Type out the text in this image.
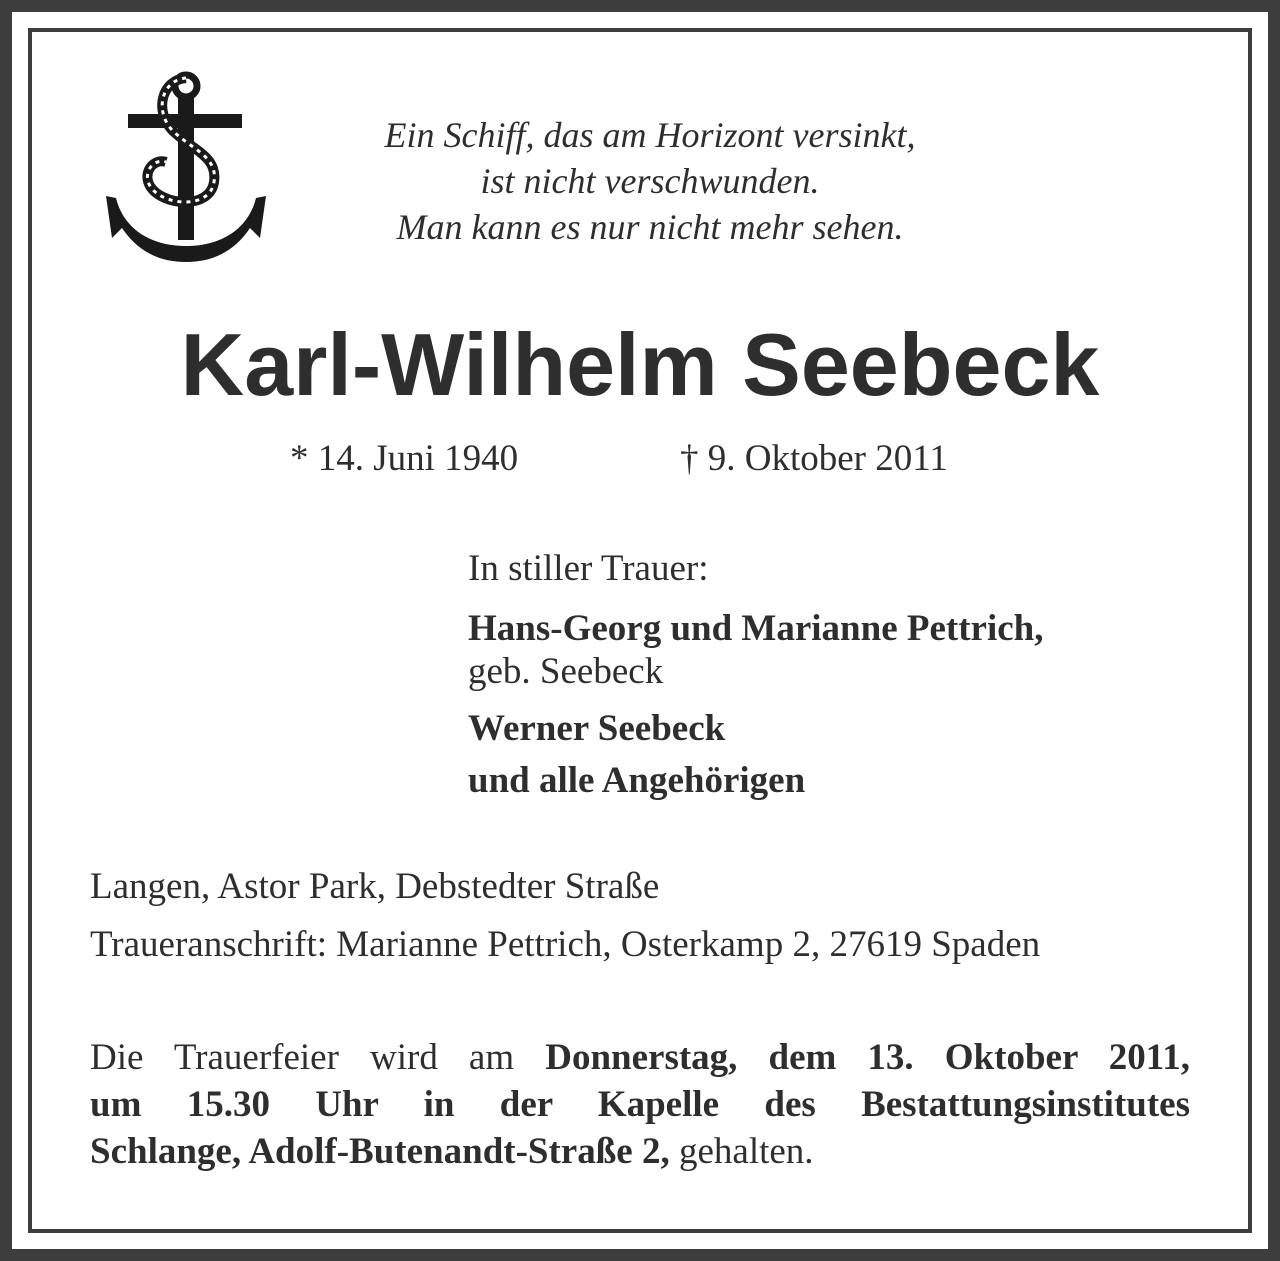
Ein Schiff, das am Horizont versinkt,
ist nicht verschwunden.
Man kann es nur nicht mehr sehen.
Karl-Wilhelm Seebeck
* 14. Juni 1940	† 9. Oktober 2011
In stiller Trauer:
Hans-Georg und Marianne Pettrich,
geb. Seebeck
Werner Seebeck
und alle Angehörigen
Langen, Astor Park, Debstedter Straße
Traueranschrift: Marianne Pettrich, Osterkamp 2, 27619 Spaden
Die Trauerfeier wird am Donnerstag, dem 13. Oktober 2011,
um 15.30 Uhr in der Kapelle des Bestattungsinstitutes
Schlange, Adolf-Butenandt-Straße 2, gehalten.
